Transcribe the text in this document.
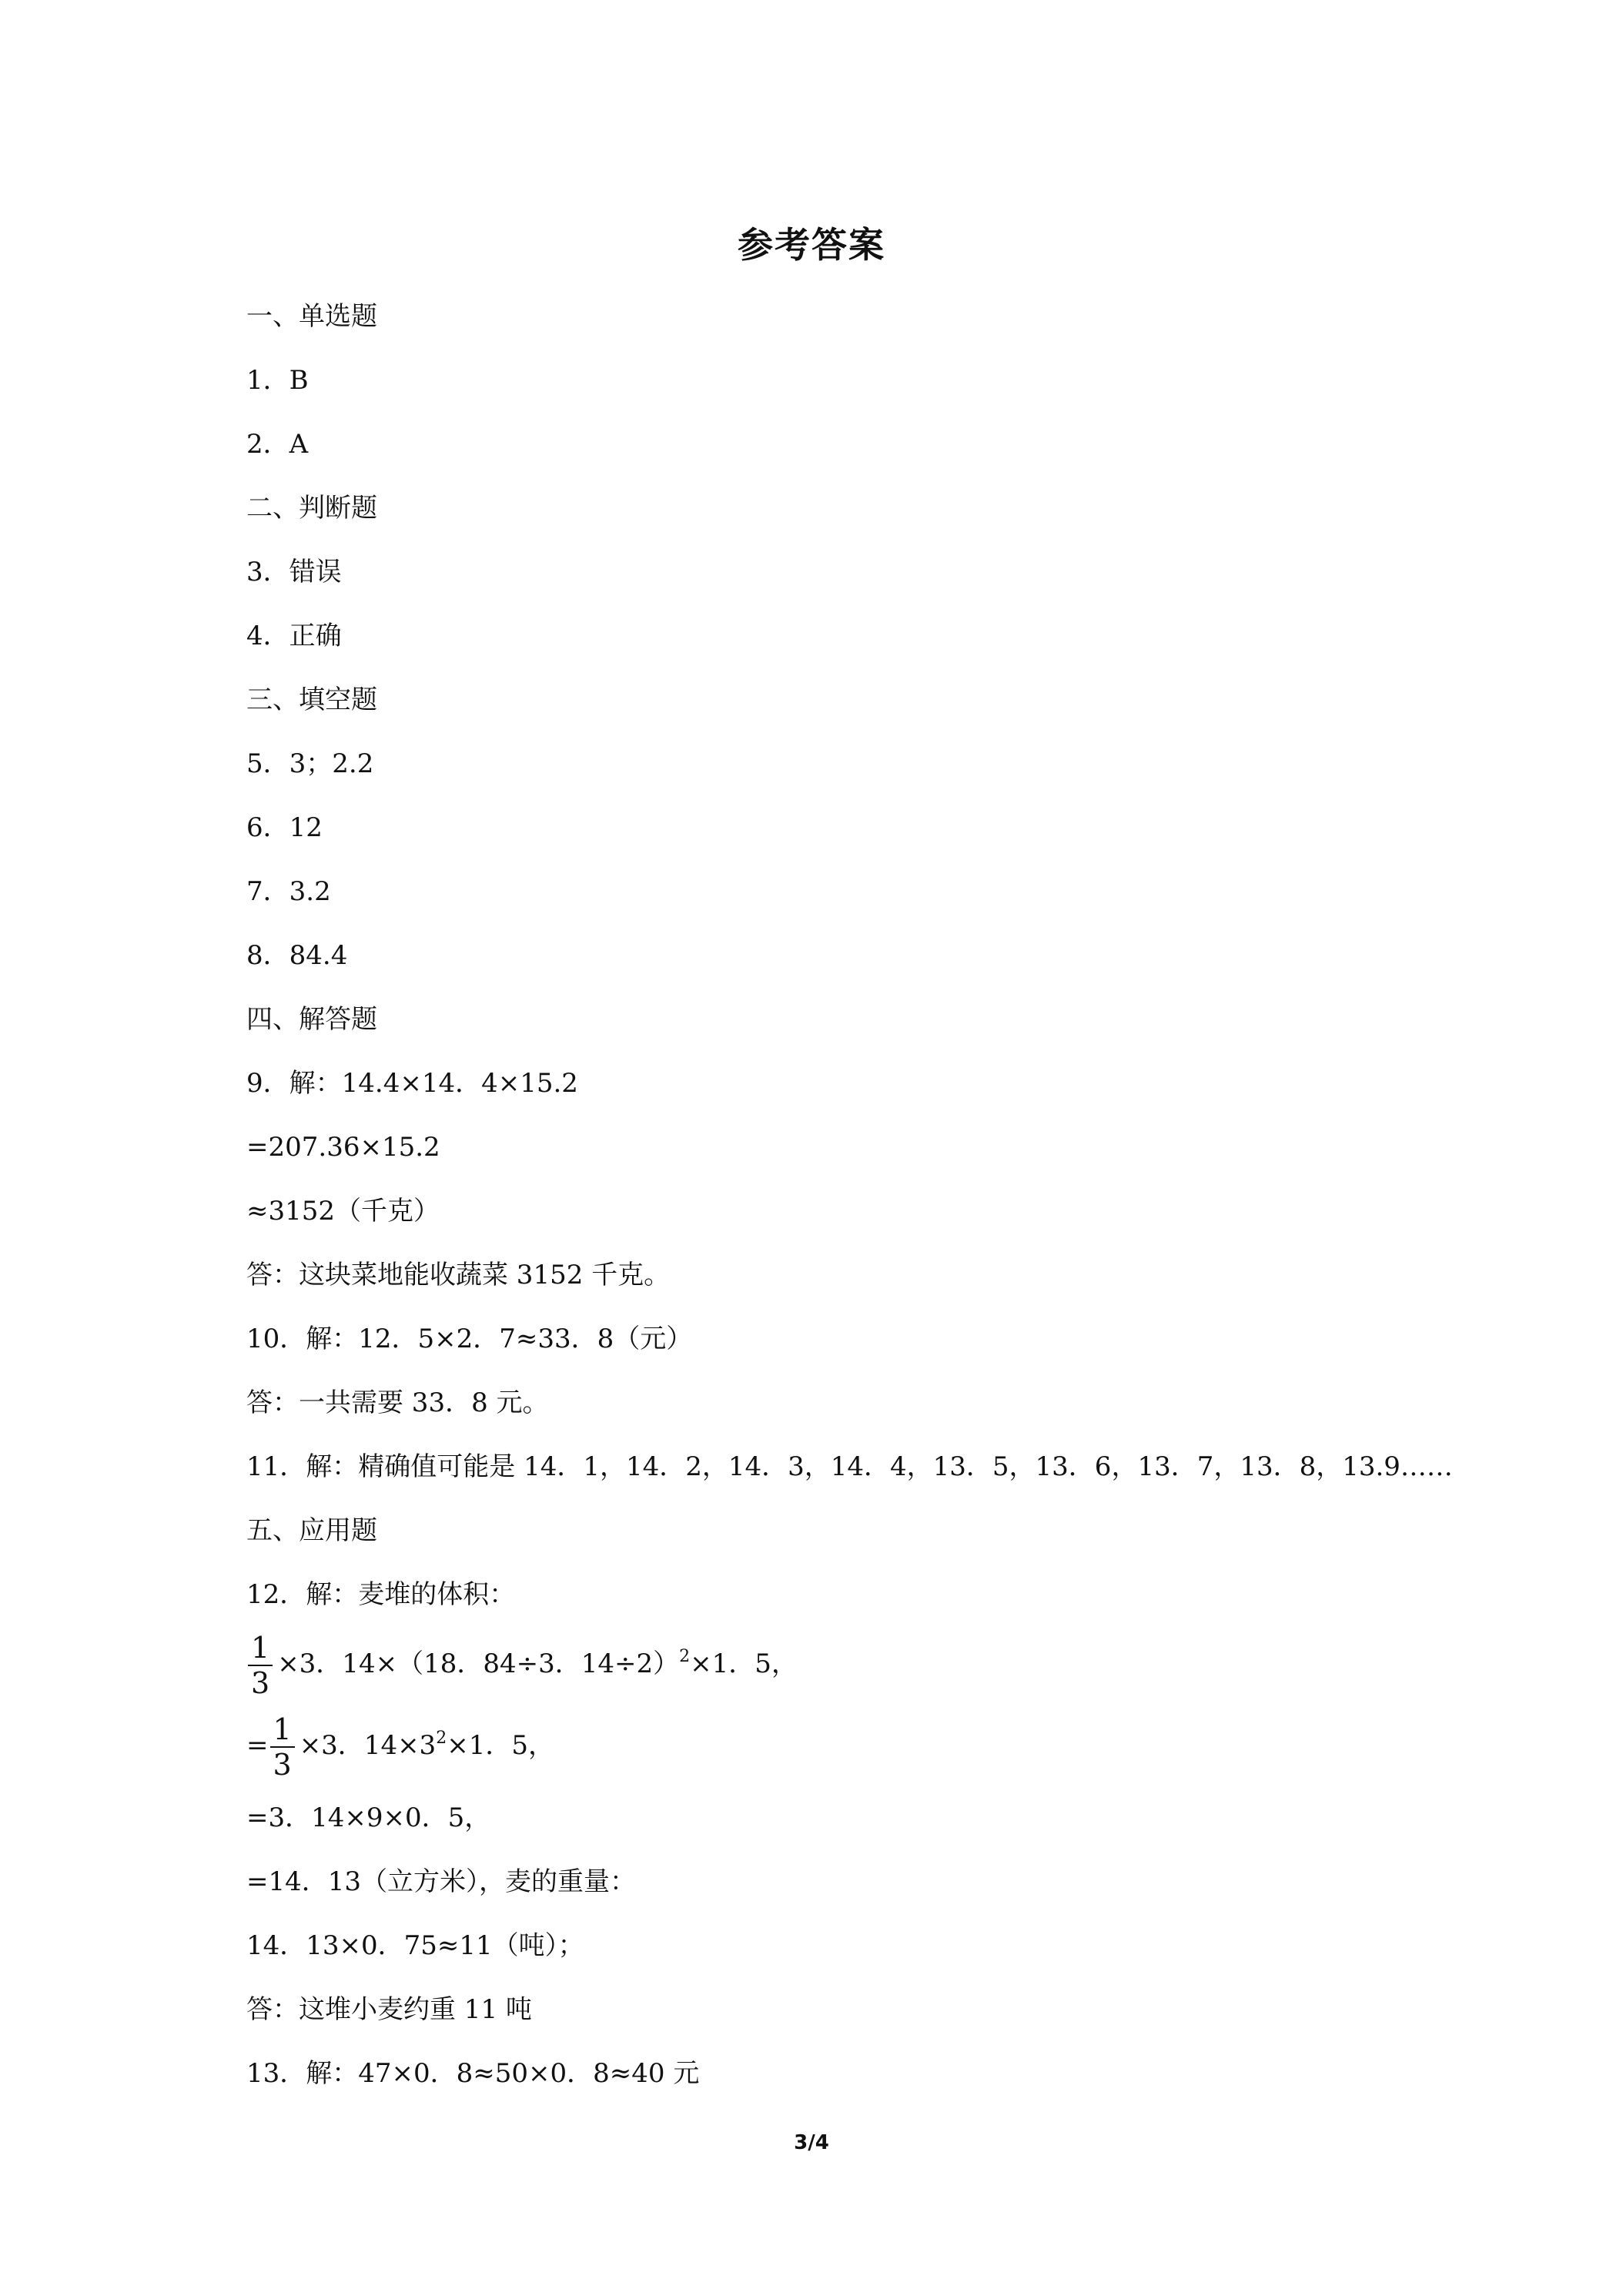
参考答案
一、单选题
1．B
2．A
二、判断题
3．错误
4．正确
三、填空题
5．3；2.2
6．12
7．3.2
8．84.4
四、解答题
9．解：14.4×14．4×15.2
=207.36×15.2
≈3152（千克）
答：这块菜地能收蔬菜 3152 千克。
10．解：12．5×2．7≈33．8（元）
答：一共需要 33．8 元。
11．解：精确值可能是 14．1，14．2，14．3，14．4，13．5，13．6，13．7，13．8，13.9……
五、应用题
12．解：麦堆的体积：
$\frac{1}{3} \times 3$．14×（18．84÷3．14÷2）$^2$×1．5，
= $\frac{1}{3} \times 3$．$14\times 3^2\times 1$．5，
=3．14×9×0．5，
=14．13（立方米），麦的重量：
14．13×0．75≈11（吨）；
答：这堆小麦约重 11 吨
13．解：47×0．8≈50×0．8≈40 元
3/4
